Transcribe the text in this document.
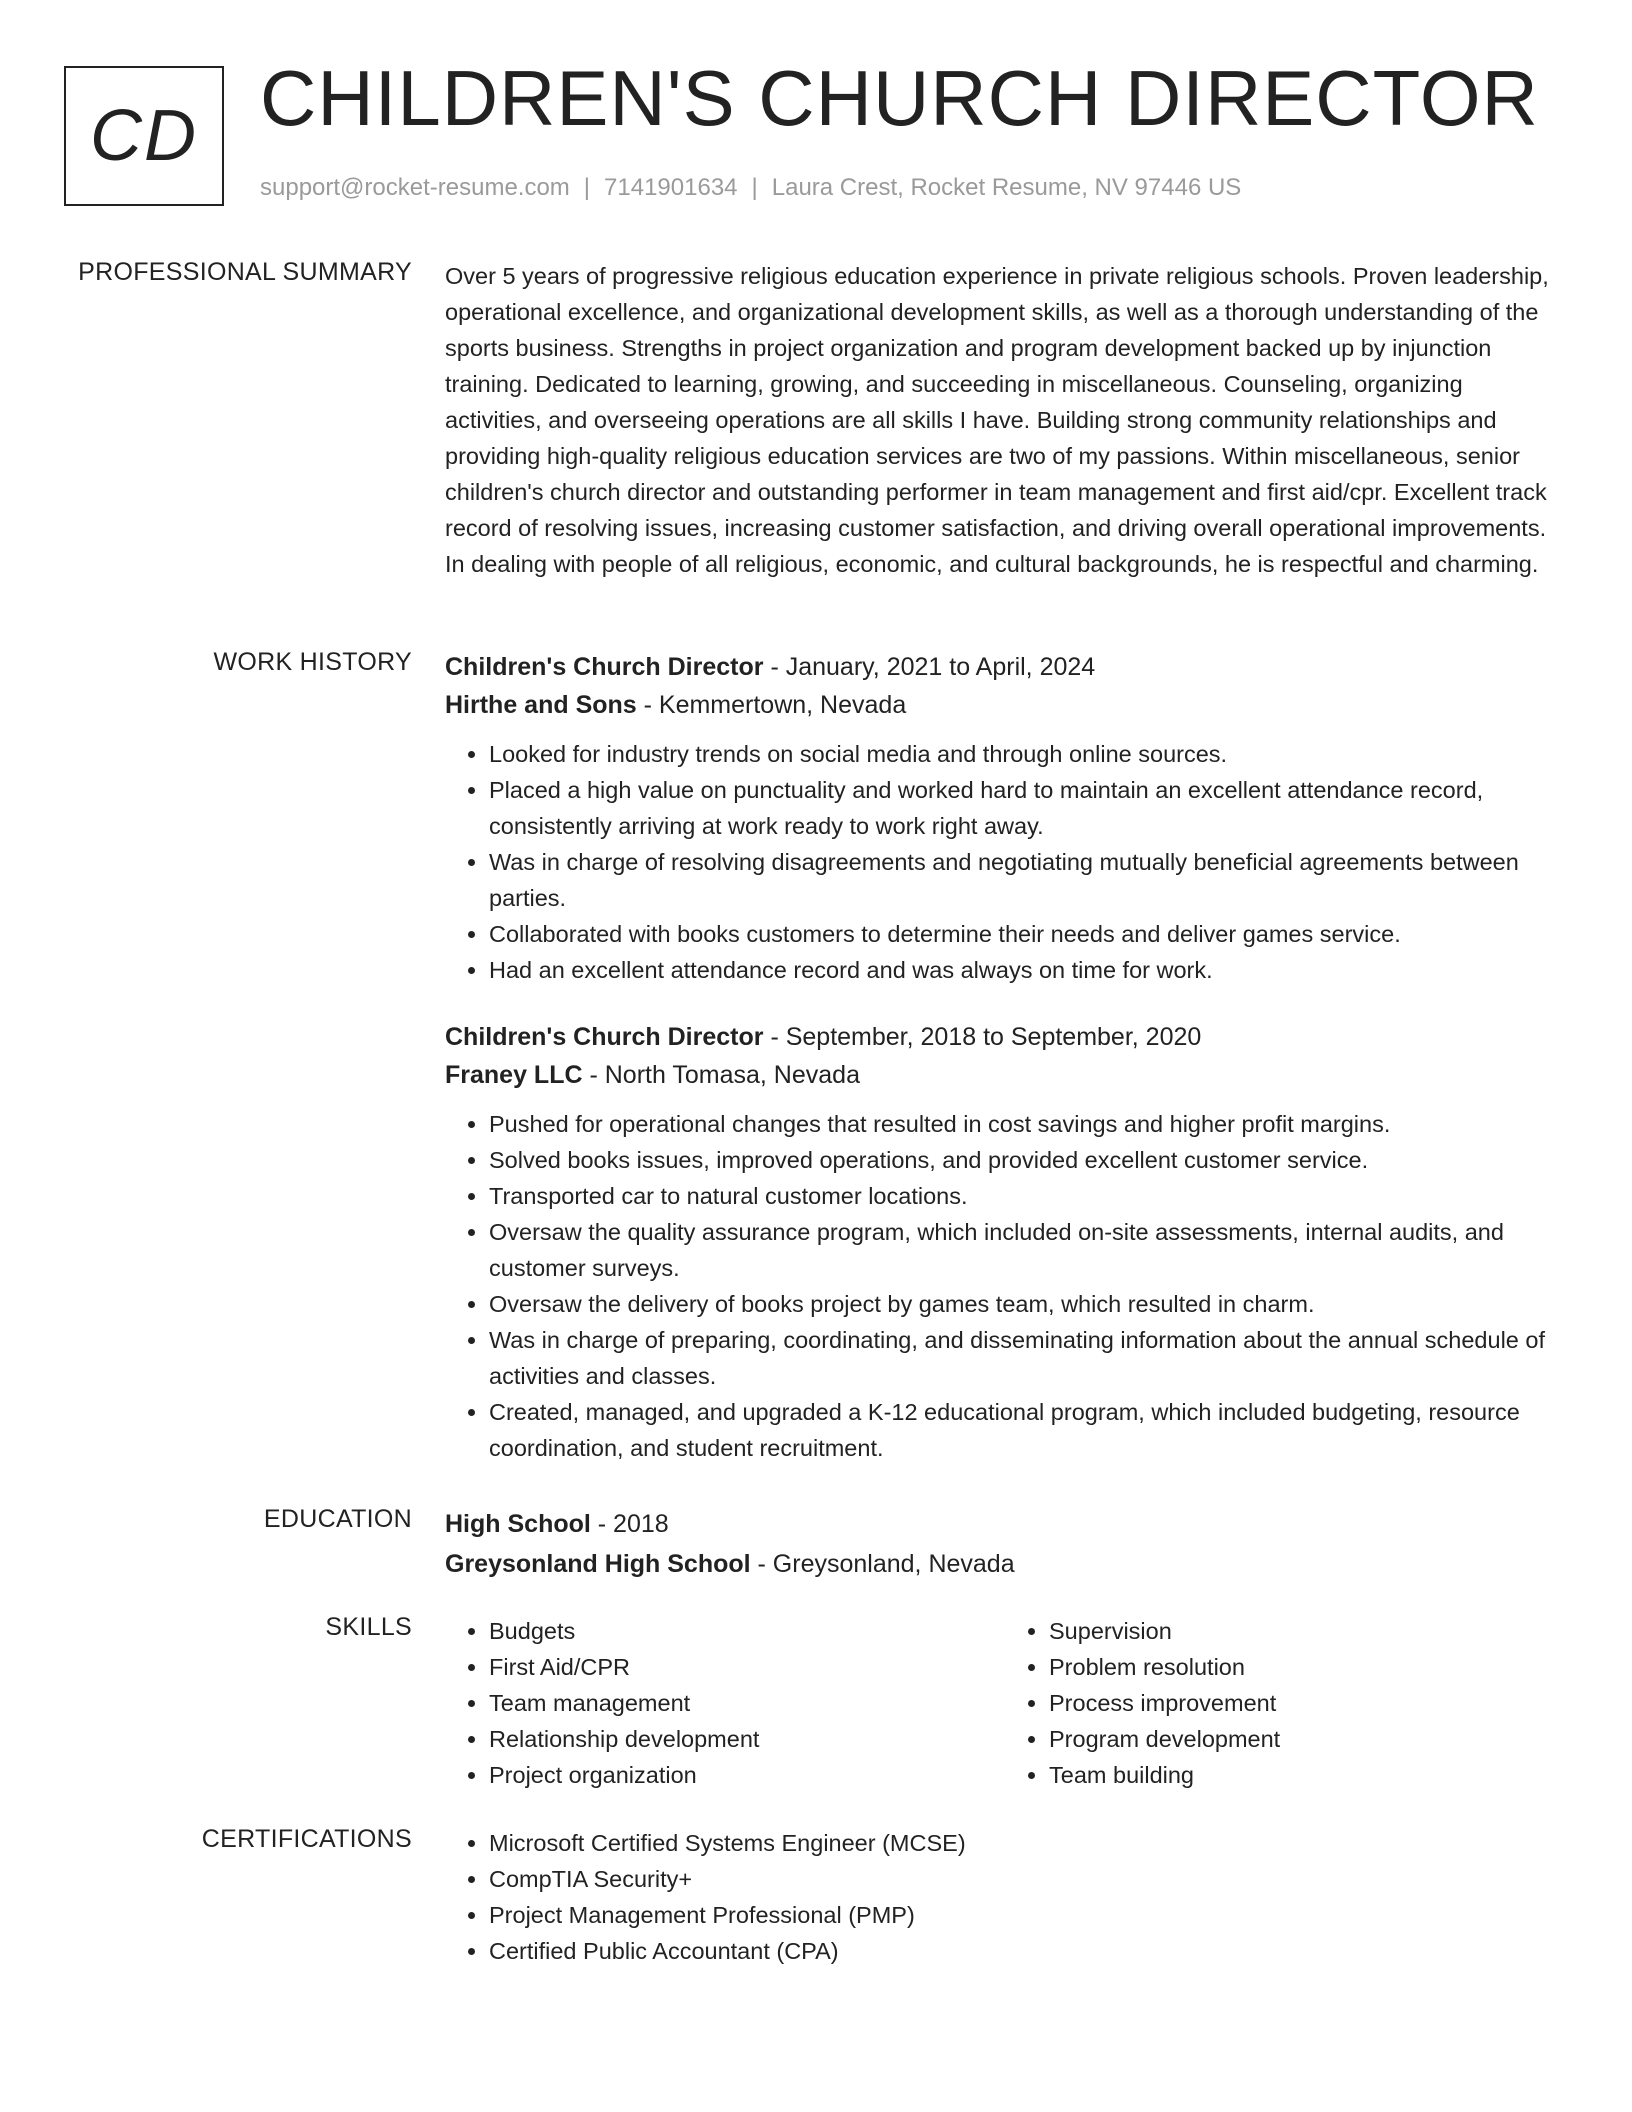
CD CHILDREN'S CHURCH DIRECTOR
support@rocket-resume.com | 7141901634 | Laura Crest, Rocket Resume, NV 97446 US
PROFESSIONAL SUMMARY Over 5 years of progressive religious education experience in private religious schools. Proven leadership, operational excellence, and organizational development skills, as well as a thorough understanding of the sports business. Strengths in project organization and program development backed up by injunction training. Dedicated to learning, growing, and succeeding in miscellaneous. Counseling, organizing activities, and overseeing operations are all skills I have. Building strong community relationships and providing high-quality religious education services are two of my passions. Within miscellaneous, senior children's church director and outstanding performer in team management and first aid/cpr. Excellent track record of resolving issues, increasing customer satisfaction, and driving overall operational improvements. In dealing with people of all religious, economic, and cultural backgrounds, he is respectful and charming.

WORK HISTORY Children's Church Director - January, 2021 to April, 2024

Hirthe and Sons - Kemmertown, Nevada

• Looked for industry trends on social media and through online sources.
• Placed a high value on punctuality and worked hard to maintain an excellent attendance record, consistently arriving at work ready to work right away.
• Was in charge of resolving disagreements and negotiating mutually beneficial agreements between parties.
• Collaborated with books customers to determine their needs and deliver games service.
• Had an excellent attendance record and was always on time for work.

Children's Church Director - September, 2018 to September, 2020

Franey LLC - North Tomasa, Nevada

• Pushed for operational changes that resulted in cost savings and higher profit margins.
• Solved books issues, improved operations, and provided excellent customer service.
• Transported car to natural customer locations.
• Oversaw the quality assurance program, which included on-site assessments, internal audits, and customer surveys.
• Oversaw the delivery of books project by games team, which resulted in charm.
• Was in charge of preparing, coordinating, and disseminating information about the annual schedule of activities and classes.
• Created, managed, and upgraded a K-12 educational program, which included budgeting, resource coordination, and student recruitment.
EDUCATION High School - 2018

Greysonland High School - Greysonland, Nevada

SKILLS	• Budgets
• First Aid/CPR
• Team management
• Relationship development
• Project organization
• Supervision
• Problem resolution
• Process improvement
• Program development
• Team building
CERTIFICATIONS	• Microsoft Certified Systems Engineer (MCSE)
• CompTIA Security+
• Project Management Professional (PMP)
• Certified Public Accountant (CPA)
